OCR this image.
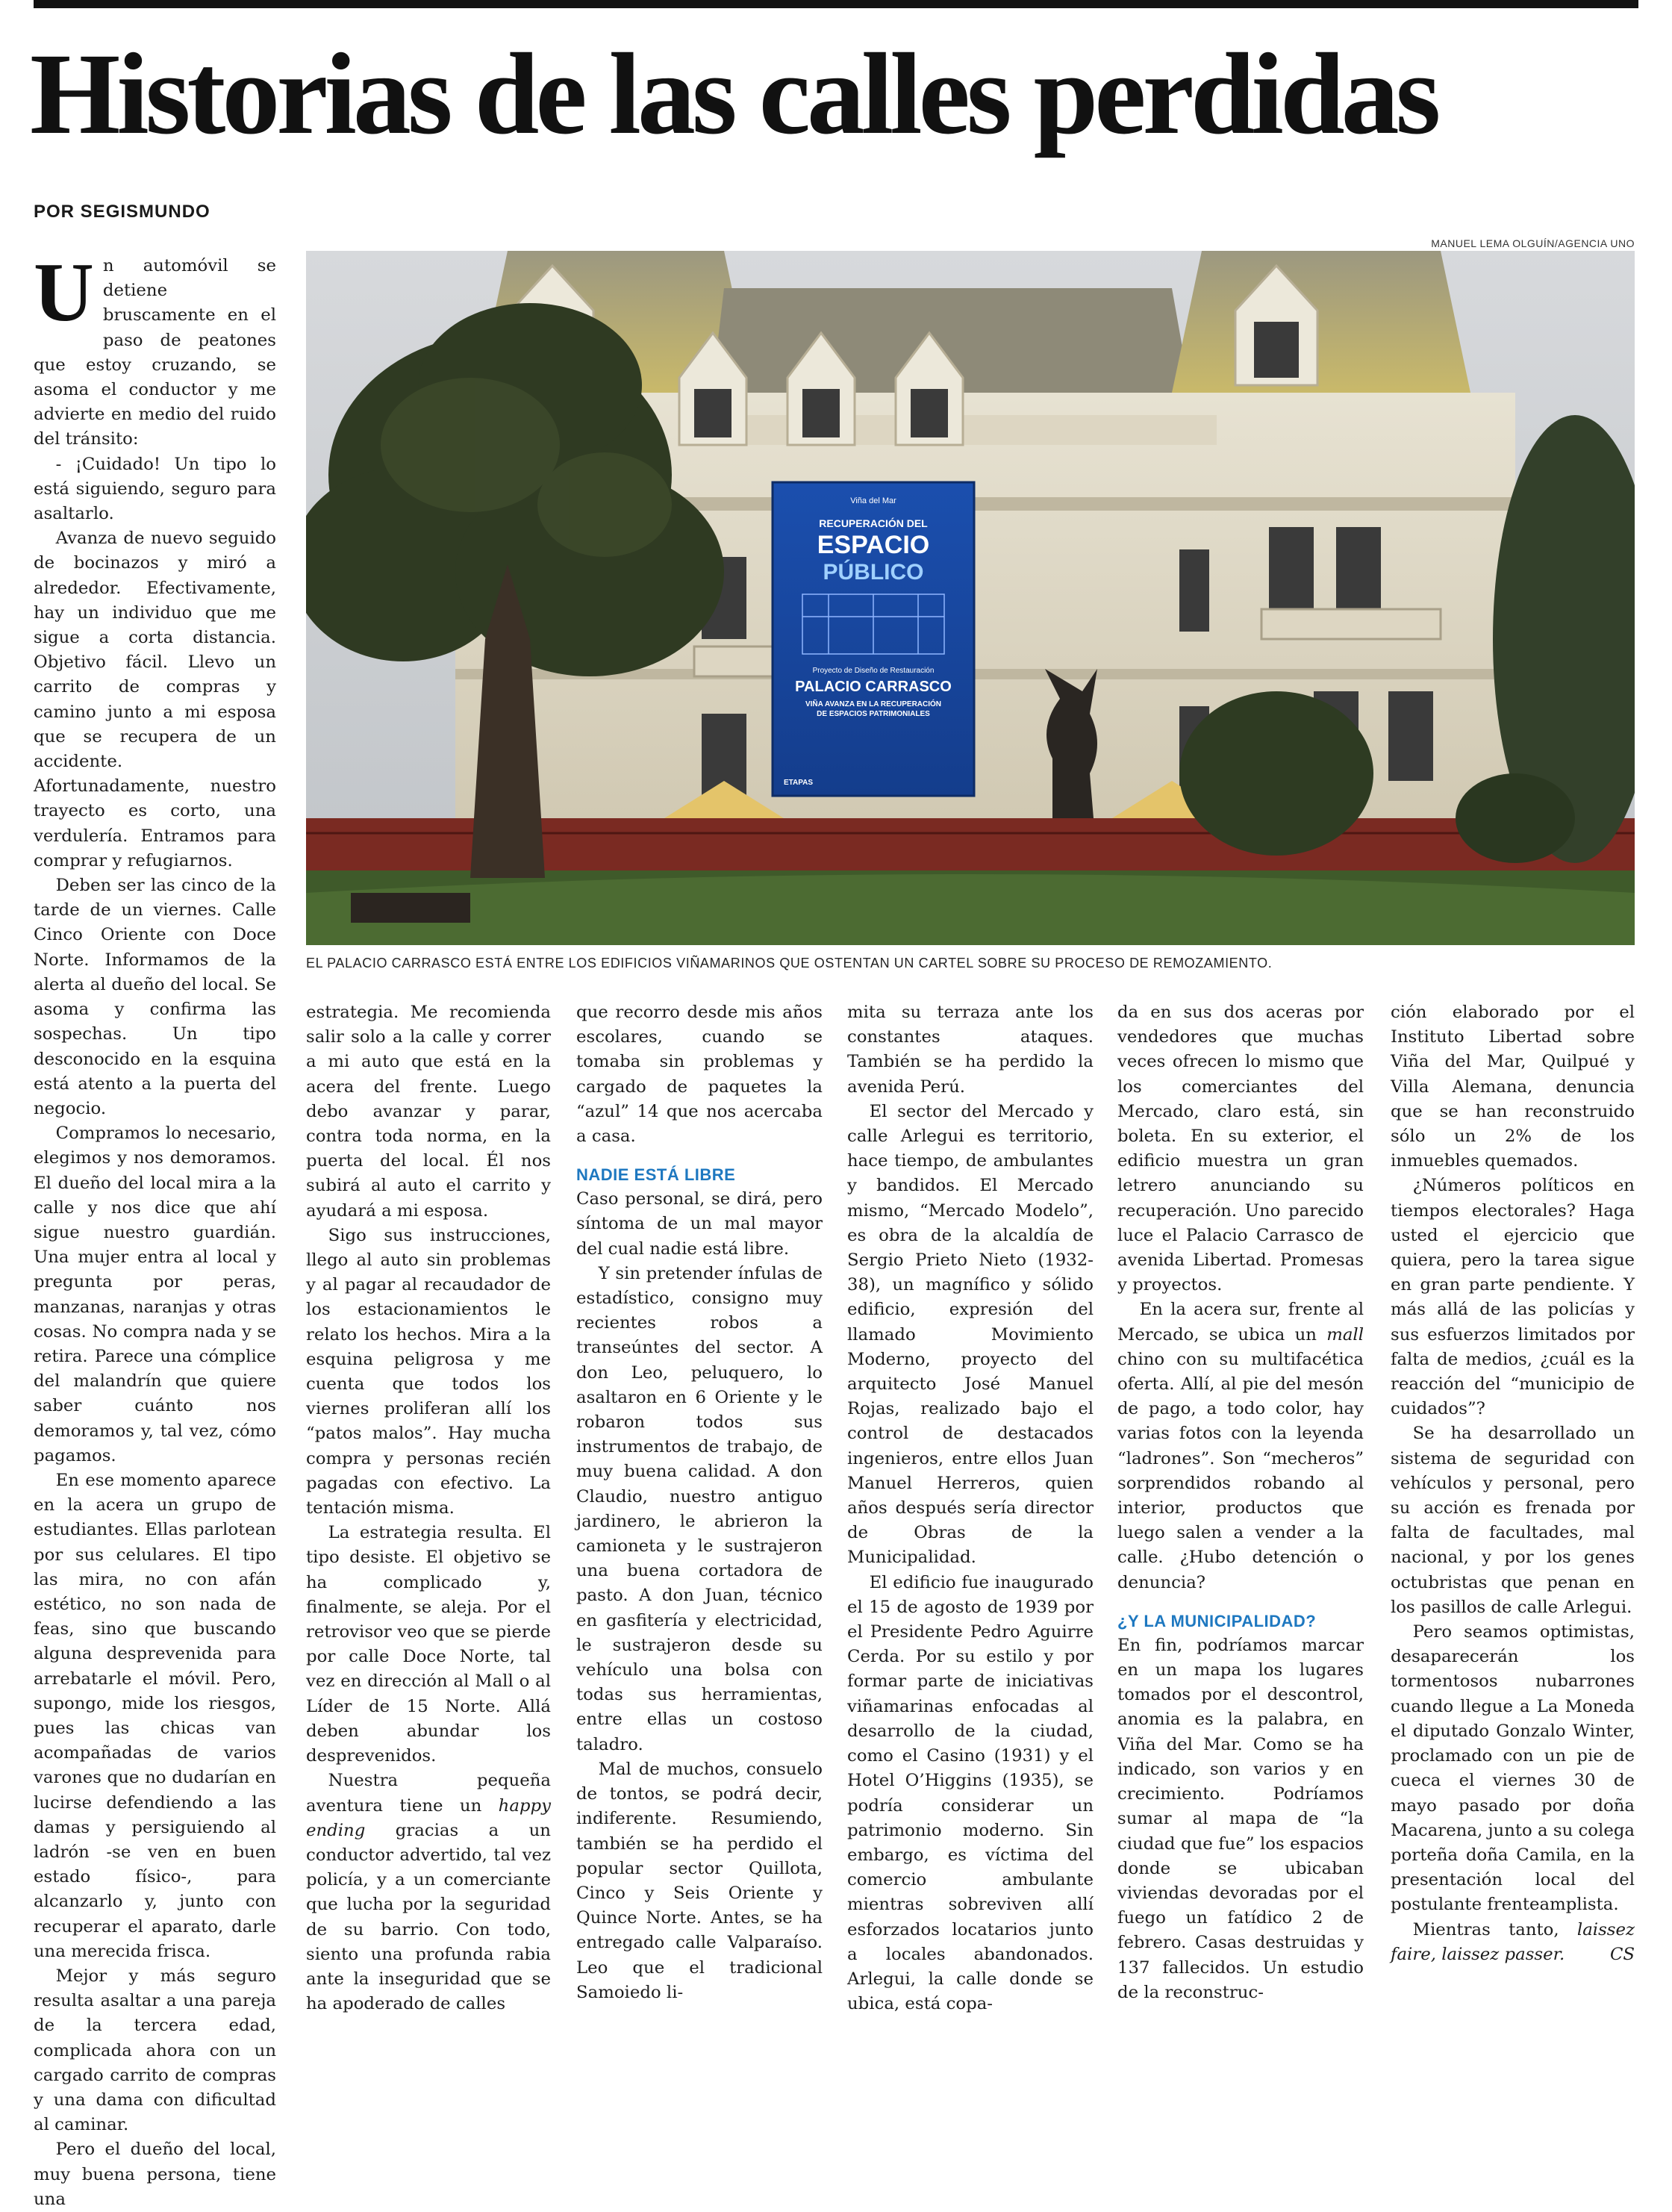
Historias de las calles perdidas
POR SEGISMUNDO
MANUEL LEMA OLGUÍN/AGENCIA UNO
Viña del Mar
RECUPERACIÓN DEL
ESPACIO
PÚBLICO
Proyecto de Diseño de Restauración
PALACIO CARRASCO
VIÑA AVANZA EN LA RECUPERACIÓN
DE ESPACIOS PATRIMONIALES
ETAPAS
EL PALACIO CARRASCO ESTÁ ENTRE LOS EDIFICIOS VIÑAMARINOS QUE OSTENTAN UN CARTEL SOBRE SU PROCESO DE REMOZAMIENTO.

Un automóvil se detiene bruscamente en el paso de peatones que estoy cruzando, se asoma el conductor y me advierte en medio del ruido del tránsito:

- ¡Cuidado! Un tipo lo está siguiendo, seguro para asaltarlo.

Avanza de nuevo seguido de bocinazos y miró a alrededor. Efectivamente, hay un individuo que me sigue a corta distancia. Objetivo fácil. Llevo un carrito de compras y camino junto a mi esposa que se recupera de un accidente. Afortunadamente, nuestro trayecto es corto, una verdulería. Entramos para comprar y refugiarnos.

Deben ser las cinco de la tarde de un viernes. Calle Cinco Oriente con Doce Norte. Informamos de la alerta al dueño del local. Se asoma y confirma las sospechas. Un tipo desconocido en la esquina está atento a la puerta del negocio.

Compramos lo necesario, elegimos y nos demoramos. El dueño del local mira a la calle y nos dice que ahí sigue nuestro guardián. Una mujer entra al local y pregunta por peras, manzanas, naranjas y otras cosas. No compra nada y se retira. Parece una cómplice del malandrín que quiere saber cuánto nos demoramos y, tal vez, cómo pagamos.

En ese momento aparece en la acera un grupo de estudiantes. Ellas parlotean por sus celulares. El tipo las mira, no con afán estético, no son nada de feas, sino que buscando alguna desprevenida para arrebatarle el móvil. Pero, supongo, mide los riesgos, pues las chicas van acompañadas de varios varones que no dudarían en lucirse defendiendo a las damas y persiguiendo al ladrón -se ven en buen estado físico-, para alcanzarlo y, junto con recuperar el aparato, darle una merecida frisca.

Mejor y más seguro resulta asaltar a una pareja de la tercera edad, complicada ahora con un cargado carrito de compras y una dama con dificultad al caminar.

Pero el dueño del local, muy buena persona, tiene una

estrategia. Me recomienda salir solo a la calle y correr a mi auto que está en la acera del frente. Luego debo avanzar y parar, contra toda norma, en la puerta del local. Él nos subirá al auto el carrito y ayudará a mi esposa.

Sigo sus instrucciones, llego al auto sin problemas y al pagar al recaudador de los estacionamientos le relato los hechos. Mira a la esquina peligrosa y me cuenta que todos los viernes proliferan allí los “patos malos”. Hay mucha compra y personas recién pagadas con efectivo. La tentación misma.

La estrategia resulta. El tipo desiste. El objetivo se ha complicado y, finalmente, se aleja. Por el retrovisor veo que se pierde por calle Doce Norte, tal vez en dirección al Mall o al Líder de 15 Norte. Allá deben abundar los desprevenidos.

Nuestra pequeña aventura tiene un happy ending gracias a un conductor advertido, tal vez policía, y a un comerciante que lucha por la seguridad de su barrio. Con todo, siento una profunda rabia ante la inseguridad que se ha apoderado de calles

que recorro desde mis años escolares, cuando se tomaba sin problemas y cargado de paquetes la “azul” 14 que nos acercaba a casa.

NADIE ESTÁ LIBRE

Caso personal, se dirá, pero síntoma de un mal mayor del cual nadie está libre.

Y sin pretender ínfulas de estadístico, consigno muy recientes robos a transeúntes del sector. A don Leo, peluquero, lo asaltaron en 6 Oriente y le robaron todos sus instrumentos de trabajo, de muy buena calidad. A don Claudio, nuestro antiguo jardinero, le abrieron la camioneta y le sustrajeron una buena cortadora de pasto. A don Juan, técnico en gasfitería y electricidad, le sustrajeron desde su vehículo una bolsa con todas sus herramientas, entre ellas un costoso taladro.

Mal de muchos, consuelo de tontos, se podrá decir, indiferente. Resumiendo, también se ha perdido el popular sector Quillota, Cinco y Seis Oriente y Quince Norte. Antes, se ha entregado calle Valparaíso. Leo que el tradicional Samoiedo li-

mita su terraza ante los constantes ataques. También se ha perdido la avenida Perú.

El sector del Mercado y calle Arlegui es territorio, hace tiempo, de ambulantes y bandidos. El Mercado mismo, “Mercado Modelo”, es obra de la alcaldía de Sergio Prieto Nieto (1932-38), un magnífico y sólido edificio, expresión del llamado Movimiento Moderno, proyecto del arquitecto José Manuel Rojas, realizado bajo el control de destacados ingenieros, entre ellos Juan Manuel Herreros, quien años después sería director de Obras de la Municipalidad.

El edificio fue inaugurado el 15 de agosto de 1939 por el Presidente Pedro Aguirre Cerda. Por su estilo y por formar parte de iniciativas viñamarinas enfocadas al desarrollo de la ciudad, como el Casino (1931) y el Hotel O’Higgins (1935), se podría considerar un patrimonio moderno. Sin embargo, es víctima del comercio ambulante mientras sobreviven allí esforzados locatarios junto a locales abandonados. Arlegui, la calle donde se ubica, está copa-

da en sus dos aceras por vendedores que muchas veces ofrecen lo mismo que los comerciantes del Mercado, claro está, sin boleta. En su exterior, el edificio muestra un gran letrero anunciando su recuperación. Uno parecido luce el Palacio Carrasco de avenida Libertad. Promesas y proyectos.

En la acera sur, frente al Mercado, se ubica un mall chino con su multifacética oferta. Allí, al pie del mesón de pago, a todo color, hay varias fotos con la leyenda “ladrones”. Son “mecheros” sorprendidos robando al interior, productos que luego salen a vender a la calle. ¿Hubo detención o denuncia?

¿Y LA MUNICIPALIDAD?

En fin, podríamos marcar en un mapa los lugares tomados por el descontrol, anomia es la palabra, en Viña del Mar. Como se ha indicado, son varios y en crecimiento. Podríamos sumar al mapa de “la ciudad que fue” los espacios donde se ubicaban viviendas devoradas por el fuego un fatídico 2 de febrero. Casas destruidas y 137 fallecidos. Un estudio de la reconstruc-

ción elaborado por el Instituto Libertad sobre Viña del Mar, Quilpué y Villa Alemana, denuncia que se han reconstruido sólo un 2% de los inmuebles quemados.

¿Números políticos en tiempos electorales? Haga usted el ejercicio que quiera, pero la tarea sigue en gran parte pendiente. Y más allá de las policías y sus esfuerzos limitados por falta de medios, ¿cuál es la reacción del “municipio de cuidados”?

Se ha desarrollado un sistema de seguridad con vehículos y personal, pero su acción es frenada por falta de facultades, mal nacional, y por los genes octubristas que penan en los pasillos de calle Arlegui.

Pero seamos optimistas, desaparecerán los tormentosos nubarrones cuando llegue a La Moneda el diputado Gonzalo Winter, proclamado con un pie de cueca el viernes 30 de mayo pasado por doña Macarena, junto a su colega porteña doña Camila, en la presentación local del postulante frenteamplista.

Mientras tanto, laissez faire, laissez passer.	CS
